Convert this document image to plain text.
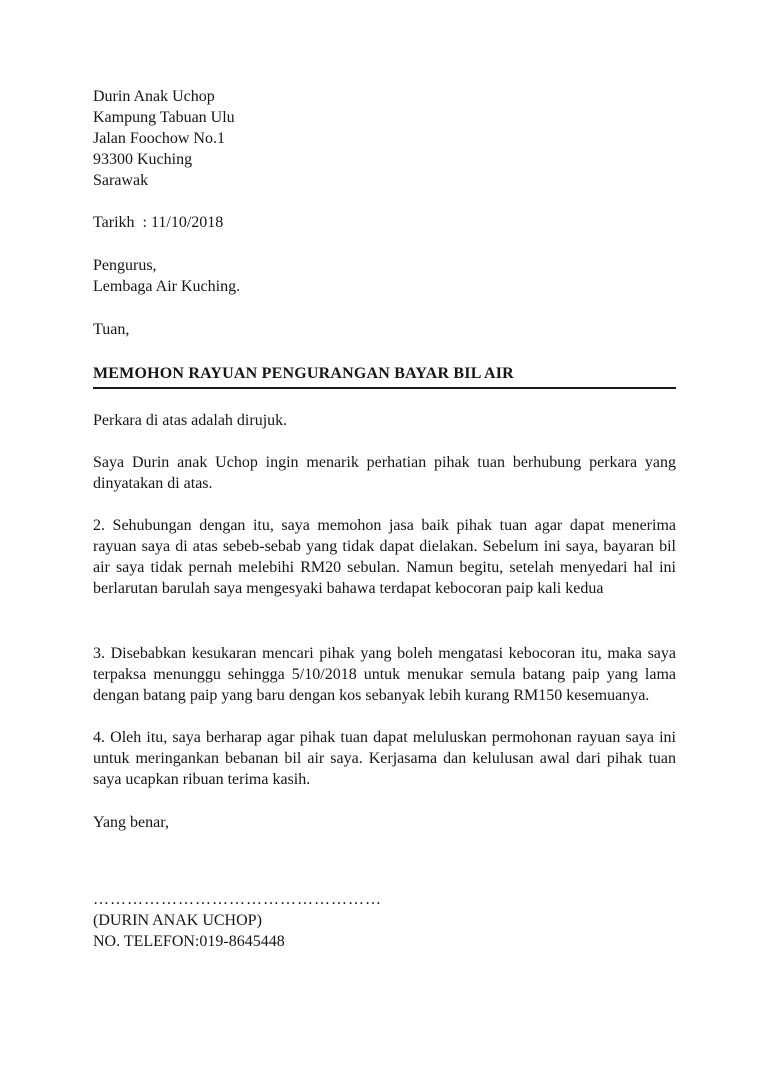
Durin Anak Uchop
Kampung Tabuan Ulu
Jalan Foochow No.1
93300 Kuching
Sarawak
Tarikh  : 11/10/2018
Pengurus,
Lembaga Air Kuching.
Tuan,
MEMOHON RAYUAN PENGURANGAN BAYAR BIL AIR

Perkara di atas adalah dirujuk.

Saya Durin anak Uchop ingin menarik perhatian pihak tuan berhubung perkara yang dinyatakan di atas.

2. Sehubungan dengan itu, saya memohon jasa baik pihak tuan agar dapat menerima rayuan saya di atas sebeb-sebab yang tidak dapat dielakan. Sebelum ini saya, bayaran bil air saya tidak pernah melebihi RM20 sebulan. Namun begitu, setelah menyedari hal ini berlarutan barulah saya mengesyaki bahawa terdapat kebocoran paip kali kedua

3. Disebabkan kesukaran mencari pihak yang boleh mengatasi kebocoran itu, maka saya terpaksa menunggu sehingga 5/10/2018 untuk menukar semula batang paip yang lama dengan batang paip yang baru dengan kos sebanyak lebih kurang RM150 kesemuanya.

4. Oleh itu, saya berharap agar pihak tuan dapat meluluskan permohonan rayuan saya ini untuk meringankan bebanan bil air saya. Kerjasama dan kelulusan awal dari pihak tuan saya ucapkan ribuan terima kasih.

Yang benar,
……………………………………………
(DURIN ANAK UCHOP)
NO. TELEFON:019-8645448
